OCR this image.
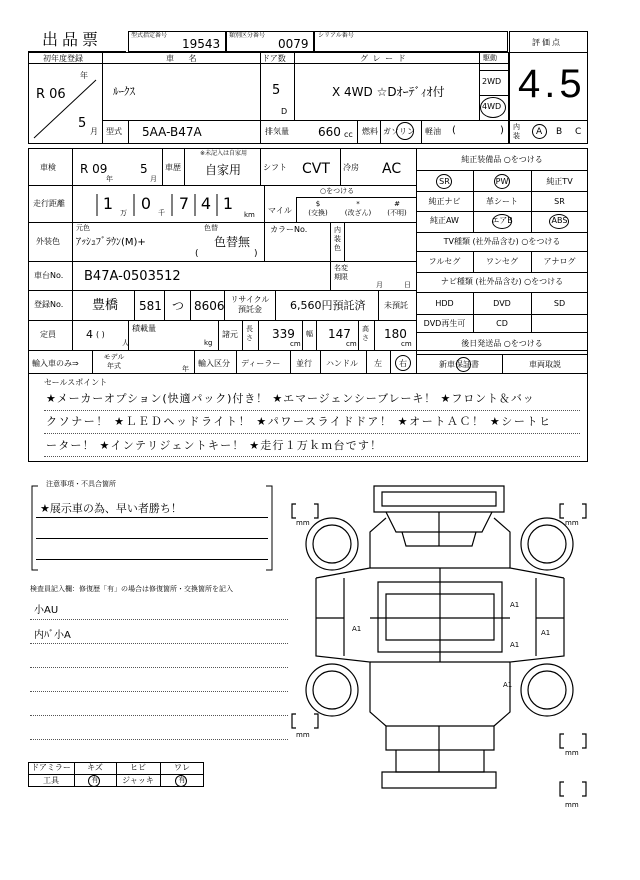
出品票	型式指定番号
19543
類別区分番号
0079
シリアル番号
評価点
4.5
初年度登録
年
R 06
5
月
車 名
ﾙｰｸｽ
ドア数
5
D
グ レ ー ド
X 4WD ☆Dｵｰﾃﾞｨｵ付
駆動
2WD
4WD
型式 5AA-B47A	排気量 660 cc 燃料 ガソリン 軽油 (	) 内装 A B C
車検 R 09
年
5
月
車歴
※未記入は自家用
自家用	シフト CVT 冷房 AC
走行距離	1 万 0 千 7 4 1
km
○をつける
マイル
$
(交換)
*
(改ざん)
#
(不明)
外装色
元色	色替
ｱｯｼｭﾌﾞﾗｳﾝ(M)+	色替無
(	)
カラーNo.	内
装
色
車台No. B47A-0503512
名変
期限
月	日
登録No. 豊橋 581 つ 8606 リサイクル
預託金	6,560円預託済 未預託
定員	4 ( )
人
積載量
kg
諸元
長
さ 339
cm
幅 147
cm
高
さ 180
cm
輸入車のみ⇒
モデル
年式	年
輸入区分 ディーラー 並行 ハンドル 左 右
純正装備品 ○をつける
SR	PW	純正TV
純正ナビ	革シート	SR
純正AW	エアB	ABS
TV種類 (社外品含む) ○をつける
フルセグ	ワンセグ	アナログ
ナビ種類 (社外品含む) ○をつける
HDD	DVD	SD
DVD再生可	CD
後日発送品 ○をつける
新車保証書	車両取説
セールスポイント
★メーカーオプション(快適パック)付き！ ★エマージェンシーブレーキ！ ★フロント＆バッ
クソナー！ ★ＬＥＤヘッドライト！ ★パワースライドドア！ ★オートＡＣ！ ★シートヒ
ーター！ ★インテリジェントキー！ ★走行１万ｋｍ台です！
注意事項・不具合箇所
★展示車の為、早い者勝ち！
検査員記入欄：修復歴「有」の場合は修復箇所・交換箇所を記入
小AU
内ﾊﾞ小A
ドアミラー	キズ	ヒビ	ワレ
工具	有	ジャッキ	有
mm	mm
mm
mm
mm
A1
A1
A1
A1
A1
